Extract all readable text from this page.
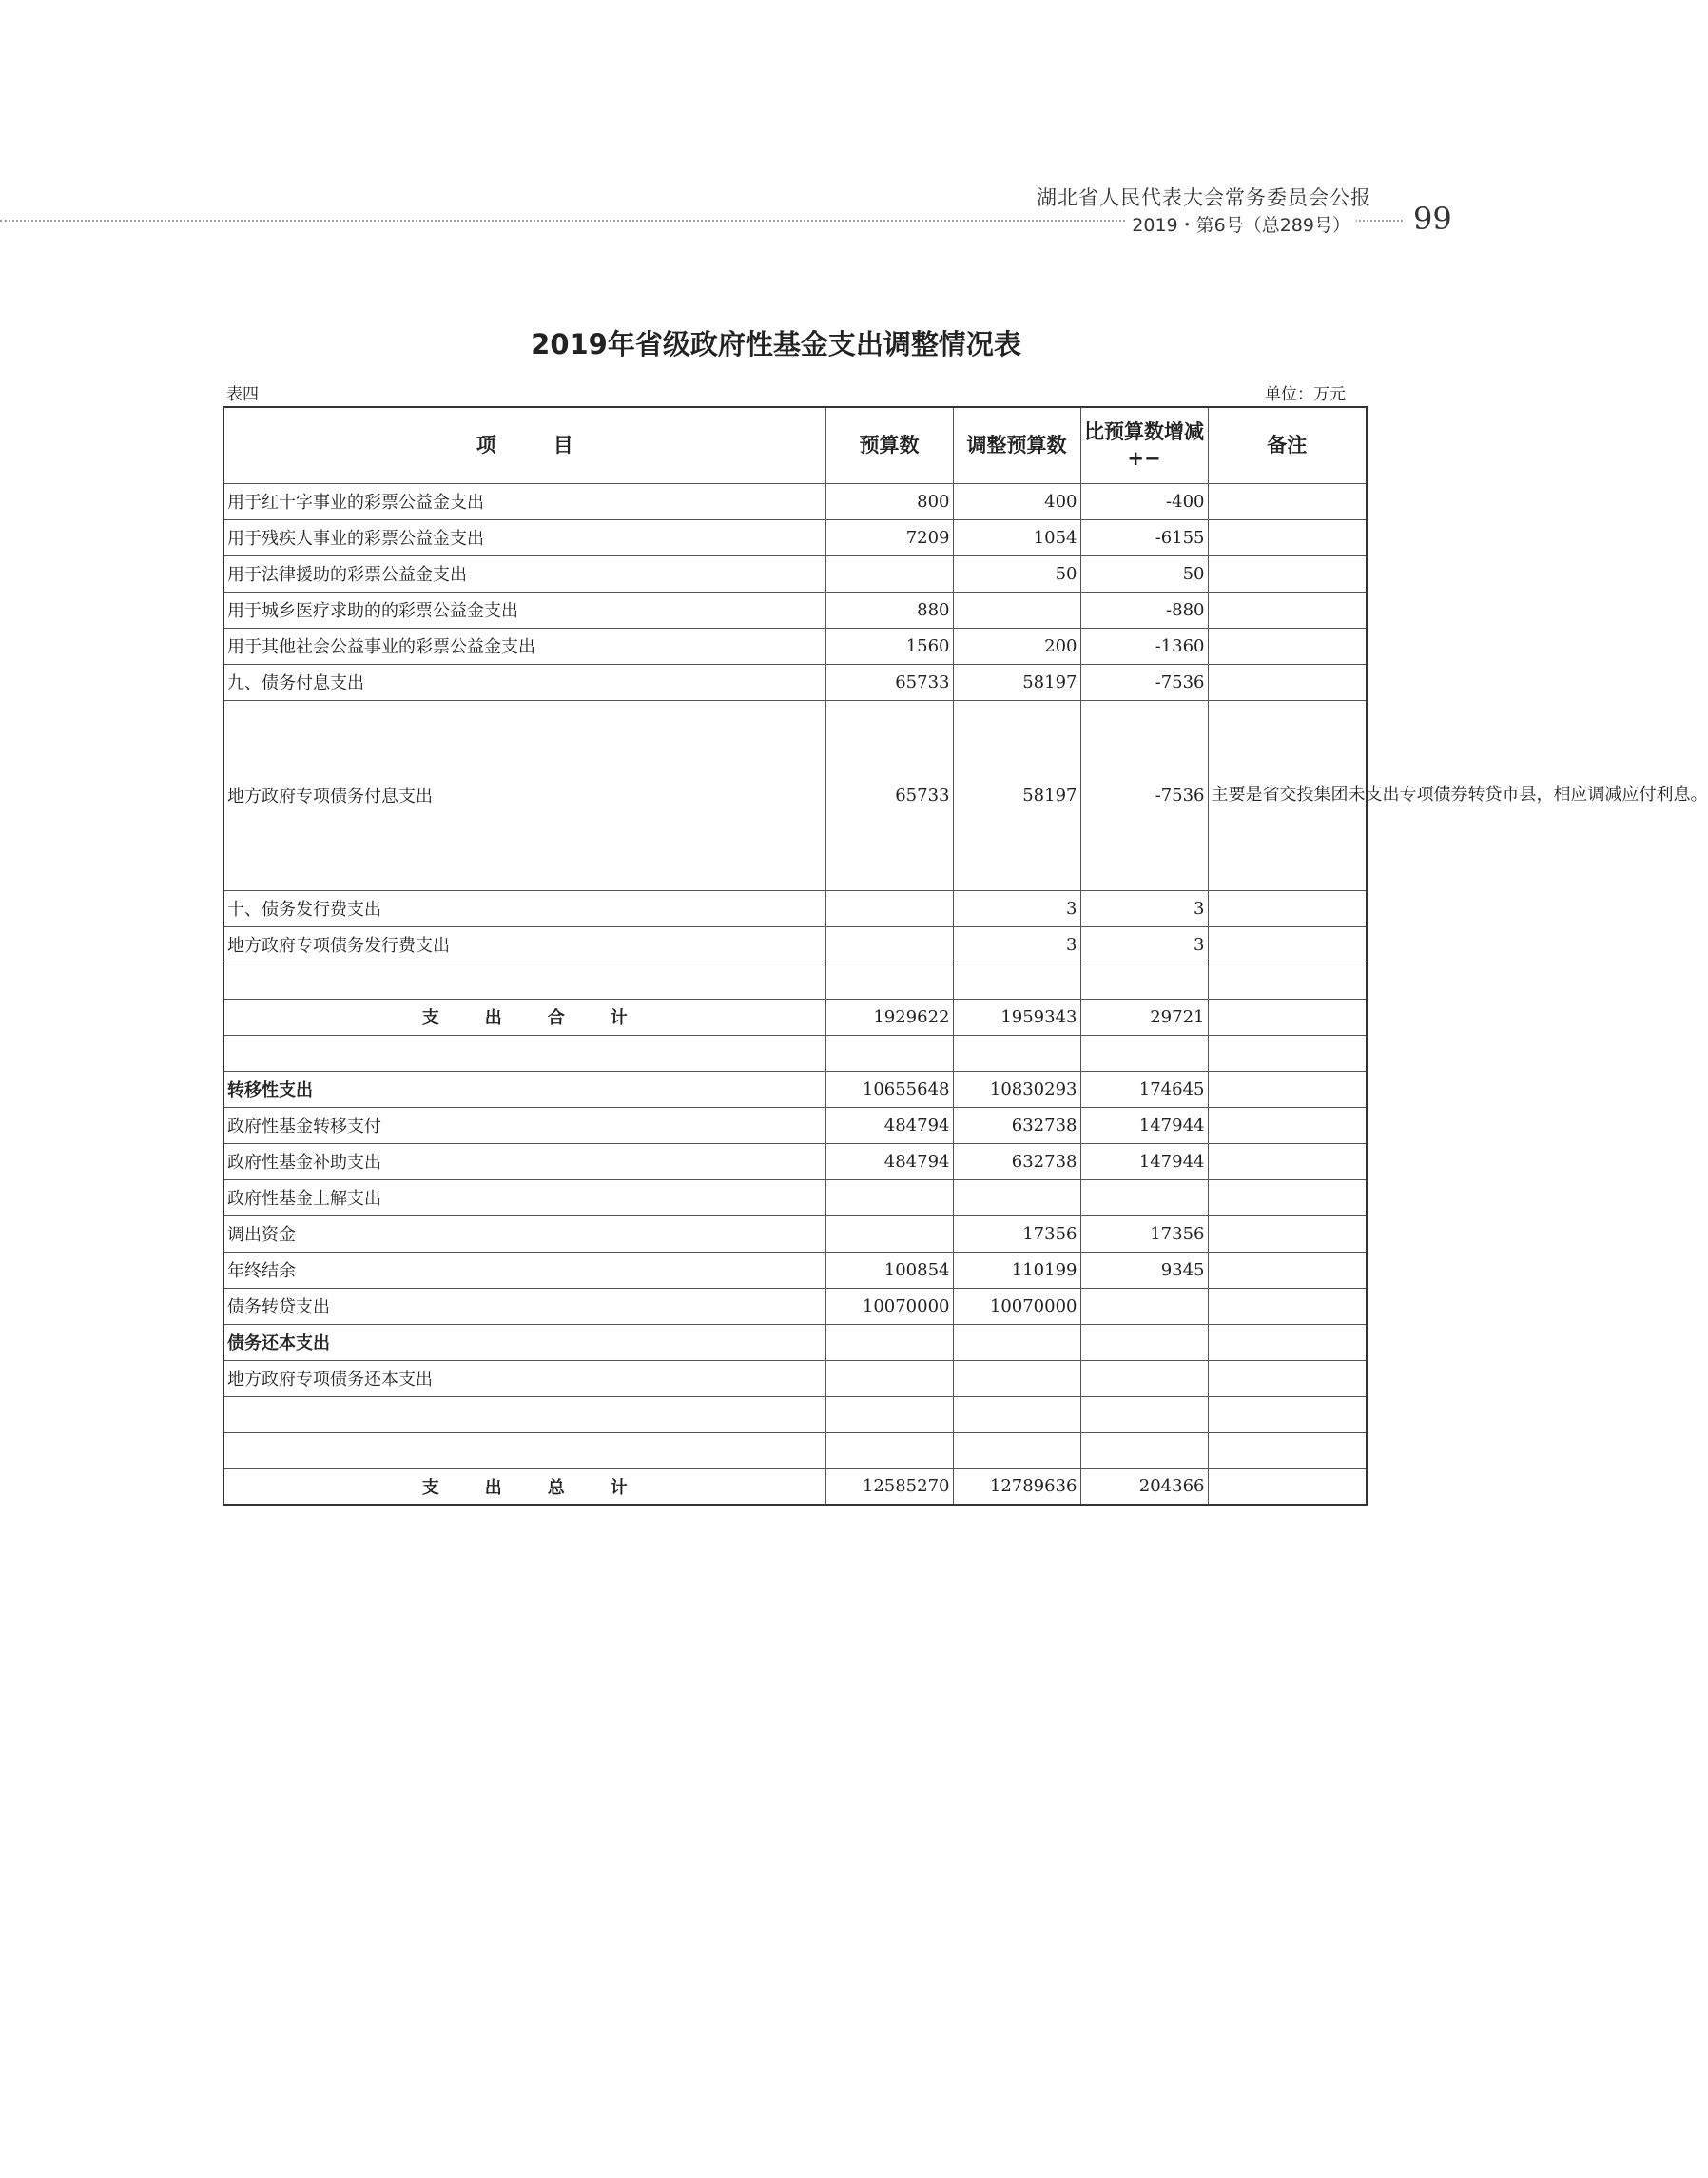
湖北省人民代表大会常务委员会公报
2019・第6号（总289号） 99
2019年省级政府性基金支出调整情况表
表四	单位：万元
项目	预算数	调整预算数	比预算数增减+−	备注
用于红十字事业的彩票公益金支出	800	400	-400	
用于残疾人事业的彩票公益金支出	7209	1054	-6155	
用于法律援助的彩票公益金支出		50	50	
用于城乡医疗求助的的彩票公益金支出	880		-880	
用于其他社会公益事业的彩票公益金支出	1560	200	-1360	
九、债务付息支出	65733	58197	-7536	
地方政府专项债务付息支出	65733	58197	-7536	主要是省交投集团未支出专项债券转贷市县，相应调减应付利息。
十、债务发行费支出		3	3	
地方政府专项债务发行费支出		3	3	

支出合计	1929622	1959343	29721	

转移性支出	10655648	10830293	174645	
政府性基金转移支付	484794	632738	147944	
政府性基金补助支出	484794	632738	147944	
政府性基金上解支出				
调出资金		17356	17356	
年终结余	100854	110199	9345	
债务转贷支出	10070000	10070000		
债务还本支出				
地方政府专项债务还本支出				

支出总计	12585270	12789636	204366	
